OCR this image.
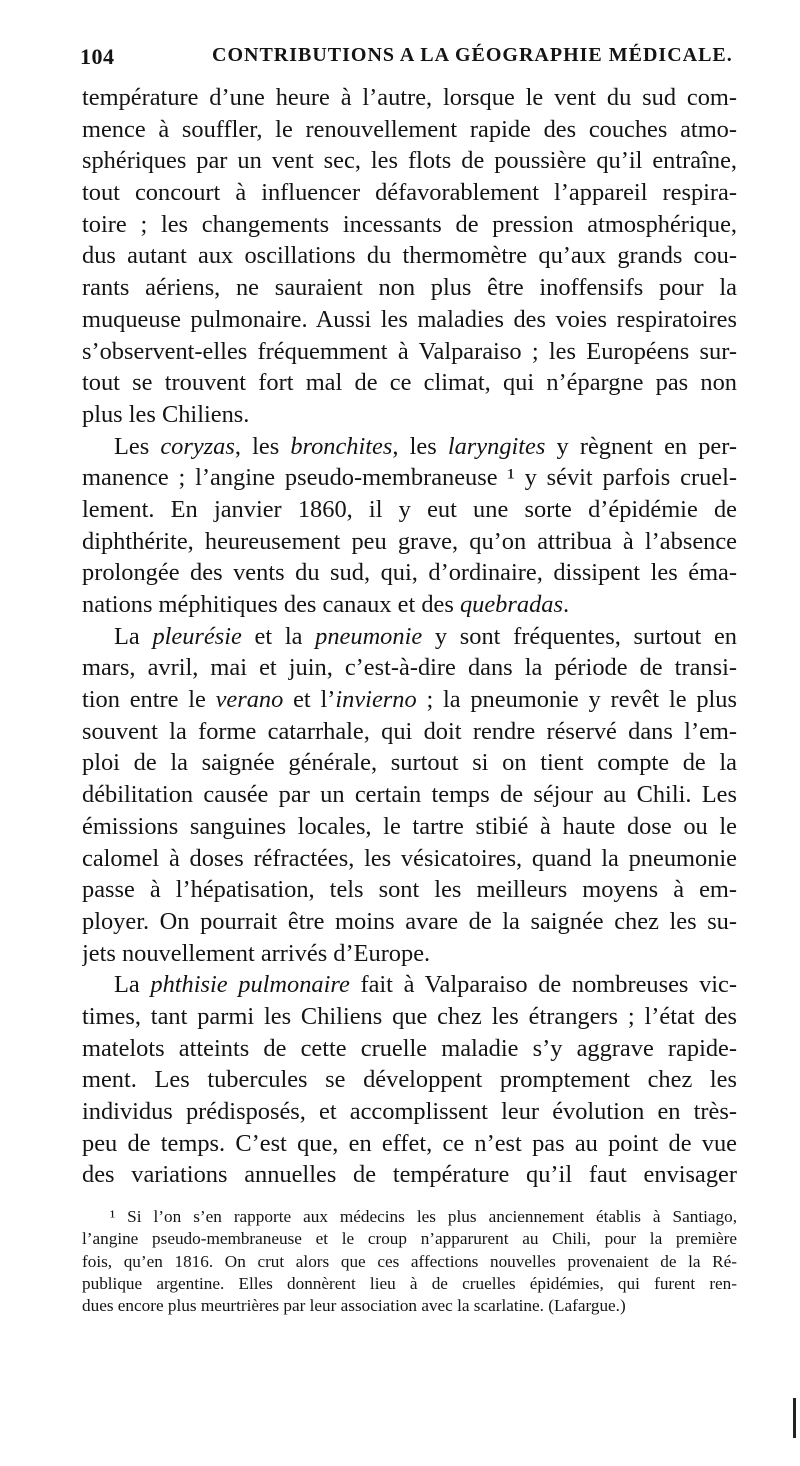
104	CONTRIBUTIONS A LA GÉOGRAPHIE MÉDICALE.
température d’une heure à l’autre, lorsque le vent du sud com-
mence à souffler, le renouvellement rapide des couches atmo-
sphériques par un vent sec, les flots de poussière qu’il entraîne,
tout concourt à influencer défavorablement l’appareil respira-
toire ; les changements incessants de pression atmosphérique,
dus autant aux oscillations du thermomètre qu’aux grands cou-
rants aériens, ne sauraient non plus être inoffensifs pour la
muqueuse pulmonaire. Aussi les maladies des voies respiratoires
s’observent-elles fréquemment à Valparaiso ; les Européens sur-
tout se trouvent fort mal de ce climat, qui n’épargne pas non
plus les Chiliens.
Les coryzas, les bronchites, les laryngites y règnent en per-
manence ; l’angine pseudo-membraneuse ¹ y sévit parfois cruel-
lement. En janvier 1860, il y eut une sorte d’épidémie de
diphthérite, heureusement peu grave, qu’on attribua à l’absence
prolongée des vents du sud, qui, d’ordinaire, dissipent les éma-
nations méphitiques des canaux et des quebradas.
La pleurésie et la pneumonie y sont fréquentes, surtout en
mars, avril, mai et juin, c’est-à-dire dans la période de transi-
tion entre le verano et l’invierno ; la pneumonie y revêt le plus
souvent la forme catarrhale, qui doit rendre réservé dans l’em-
ploi de la saignée générale, surtout si on tient compte de la
débilitation causée par un certain temps de séjour au Chili. Les
émissions sanguines locales, le tartre stibié à haute dose ou le
calomel à doses réfractées, les vésicatoires, quand la pneumonie
passe à l’hépatisation, tels sont les meilleurs moyens à em-
ployer. On pourrait être moins avare de la saignée chez les su-
jets nouvellement arrivés d’Europe.
La phthisie pulmonaire fait à Valparaiso de nombreuses vic-
times, tant parmi les Chiliens que chez les étrangers ; l’état des
matelots atteints de cette cruelle maladie s’y aggrave rapide-
ment. Les tubercules se développent promptement chez les
individus prédisposés, et accomplissent leur évolution en très-
peu de temps. C’est que, en effet, ce n’est pas au point de vue
des variations annuelles de température qu’il faut envisager
¹ Si l’on s’en rapporte aux médecins les plus anciennement établis à Santiago,
l’angine pseudo-membraneuse et le croup n’apparurent au Chili, pour la première
fois, qu’en 1816. On crut alors que ces affections nouvelles provenaient de la Ré-
publique argentine. Elles donnèrent lieu à de cruelles épidémies, qui furent ren-
dues encore plus meurtrières par leur association avec la scarlatine. (Lafargue.)
